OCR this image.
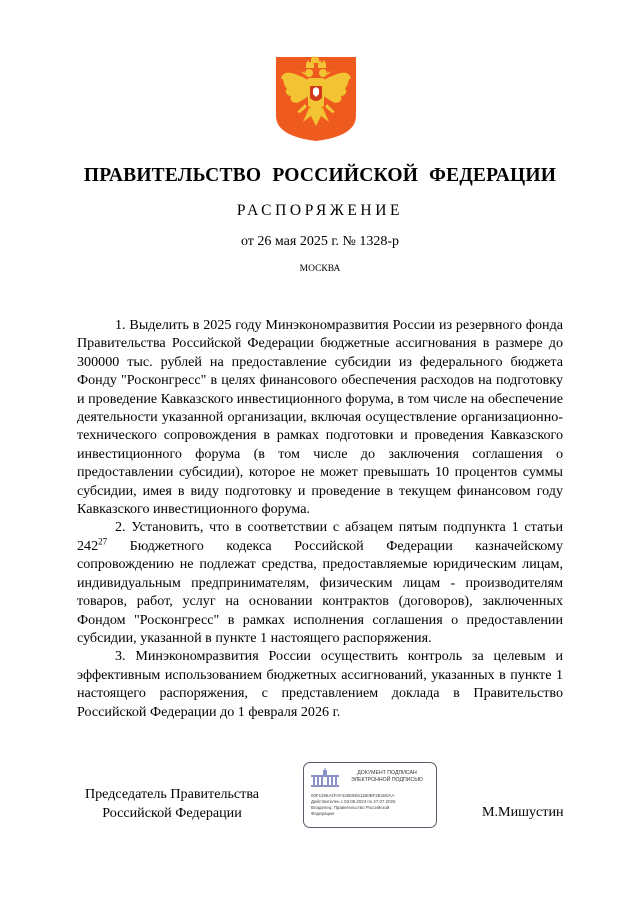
ПРАВИТЕЛЬСТВО РОССИЙСКОЙ ФЕДЕРАЦИИ
РАСПОРЯЖЕНИЕ
от 26 мая 2025 г. № 1328-р
МОСКВА

1. Выделить в 2025 году Минэкономразвития России из резервного фонда Правительства Российской Федерации бюджетные ассигнования в размере до 300000 тыс. рублей на предоставление субсидии из федерального бюджета Фонду "Росконгресс" в целях финансового обеспечения расходов на подготовку и проведение Кавказского инвестиционного форума, в том числе на обеспечение деятельности указанной организации, включая осуществление организационно-технического сопровождения в рамках подготовки и проведения Кавказского инвестиционного форума (в том числе до заключения соглашения о предоставлении субсидии), которое не может превышать 10 процентов суммы субсидии, имея в виду подготовку и проведение в текущем финансовом году Кавказского инвестиционного форума.

2. Установить, что в соответствии с абзацем пятым подпункта 1 статьи $242^{27}$ Бюджетного кодекса Российской Федерации казначейскому сопровождению не подлежат средства, предоставляемые юридическим лицам, индивидуальным предпринимателям, физическим лицам - производителям товаров, работ, услуг на основании контрактов (договоров), заключенных Фондом "Росконгресс" в рамках исполнения соглашения о предоставлении субсидии, указанной в пункте 1 настоящего распоряжения.

3. Минэкономразвития России осуществить контроль за целевым и эффективным использованием бюджетных ассигнований, указанных в пункте 1 настоящего распоряжения, с представлением доклада в Правительство Российской Федерации до 1 февраля 2026 г.

Председатель Правительства
Российской Федерации
ДОКУМЕНТ ПОДПИСАН
ЭЛЕКТРОННОЙ ПОДПИСЬЮ
00F1296A4FAF426E5E611B0BF2B1B0AA
Действителен с 03.05.2024 по 27.07.2025
Владелец: Правительство Российской
Федерации	М.Мишустин
